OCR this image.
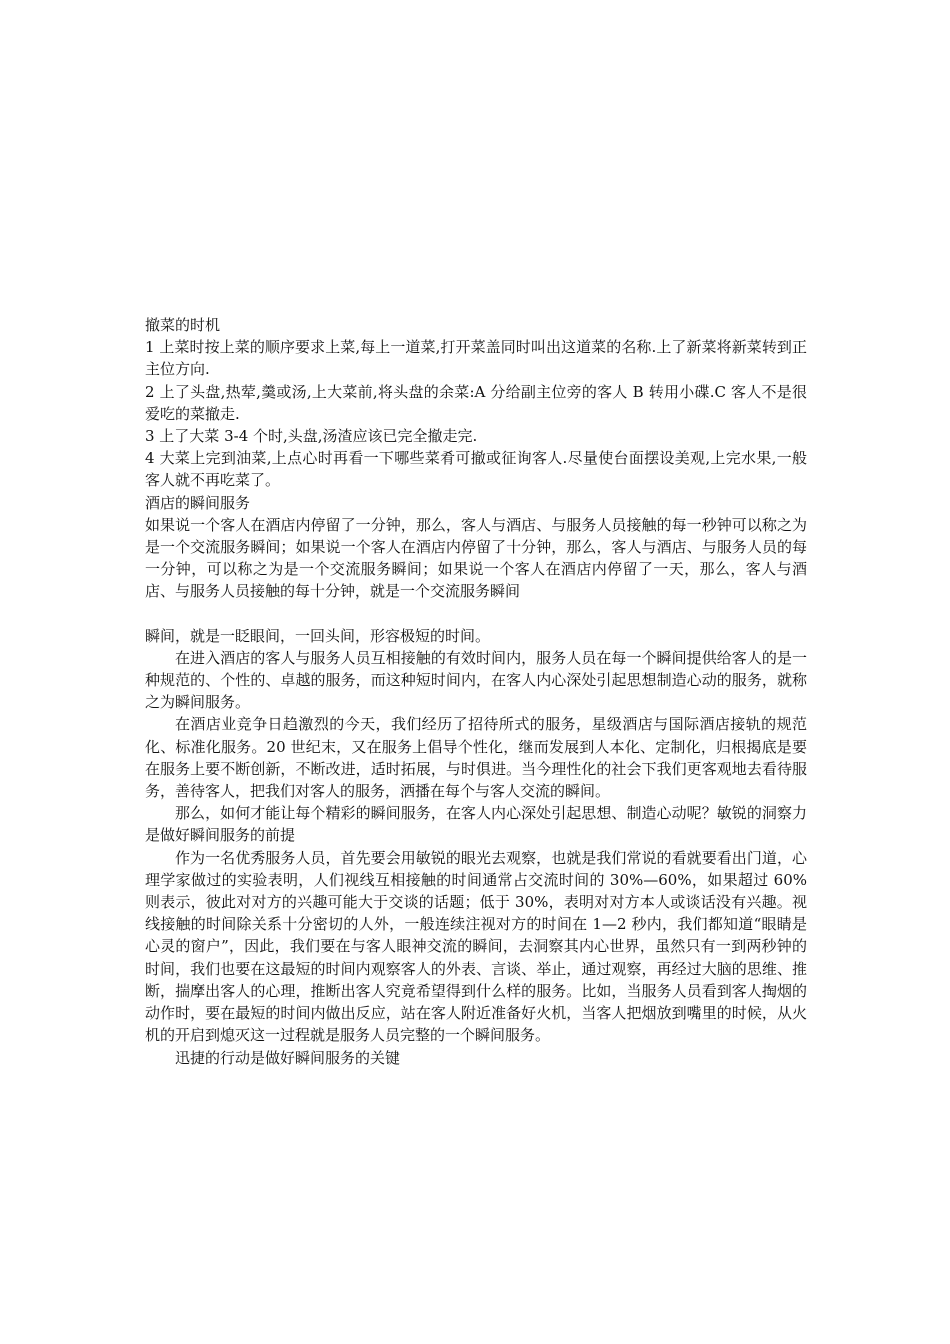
撤菜的时机

1 上菜时按上菜的顺序要求上菜,每上一道菜,打开菜盖同时叫出这道菜的名称.上了新菜将新菜转到正主位方向.

2 上了头盘,热荤,羹或汤,上大菜前,将头盘的余菜:A 分给副主位旁的客人 B 转用小碟.C 客人不是很爱吃的菜撤走.

3 上了大菜 3-4 个时,头盘,汤渣应该已完全撤走完.

4 大菜上完到油菜,上点心时再看一下哪些菜肴可撤或征询客人.尽量使台面摆设美观,上完水果,一般客人就不再吃菜了。

酒店的瞬间服务

如果说一个客人在酒店内停留了一分钟，那么，客人与酒店、与服务人员接触的每一秒钟可以称之为是一个交流服务瞬间；如果说一个客人在酒店内停留了十分钟，那么，客人与酒店、与服务人员的每一分钟，可以称之为是一个交流服务瞬间；如果说一个客人在酒店内停留了一天，那么，客人与酒店、与服务人员接触的每十分钟，就是一个交流服务瞬间

瞬间，就是一眨眼间，一回头间，形容极短的时间。

在进入酒店的客人与服务人员互相接触的有效时间内，服务人员在每一个瞬间提供给客人的是一种规范的、个性的、卓越的服务，而这种短时间内，在客人内心深处引起思想制造心动的服务，就称之为瞬间服务。

在酒店业竞争日趋激烈的今天，我们经历了招待所式的服务，星级酒店与国际酒店接轨的规范化、标准化服务。20 世纪末，又在服务上倡导个性化，继而发展到人本化、定制化，归根揭底是要在服务上要不断创新，不断改进，适时拓展，与时俱进。当今理性化的社会下我们更客观地去看待服务，善待客人，把我们对客人的服务，洒播在每个与客人交流的瞬间。

那么，如何才能让每个精彩的瞬间服务，在客人内心深处引起思想、制造心动呢？敏锐的洞察力是做好瞬间服务的前提

作为一名优秀服务人员，首先要会用敏锐的眼光去观察，也就是我们常说的看就要看出门道，心理学家做过的实验表明，人们视线互相接触的时间通常占交流时间的 30%—60%，如果超过 60%则表示，彼此对对方的兴趣可能大于交谈的话题；低于 30%，表明对对方本人或谈话没有兴趣。视线接触的时间除关系十分密切的人外，一般连续注视对方的时间在 1—2 秒内，我们都知道“眼睛是心灵的窗户”，因此，我们要在与客人眼神交流的瞬间，去洞察其内心世界，虽然只有一到两秒钟的时间，我们也要在这最短的时间内观察客人的外表、言谈、举止，通过观察，再经过大脑的思维、推断，揣摩出客人的心理，推断出客人究竟希望得到什么样的服务。比如，当服务人员看到客人掏烟的动作时，要在最短的时间内做出反应，站在客人附近准备好火机，当客人把烟放到嘴里的时候，从火机的开启到熄灭这一过程就是服务人员完整的一个瞬间服务。

迅捷的行动是做好瞬间服务的关键
